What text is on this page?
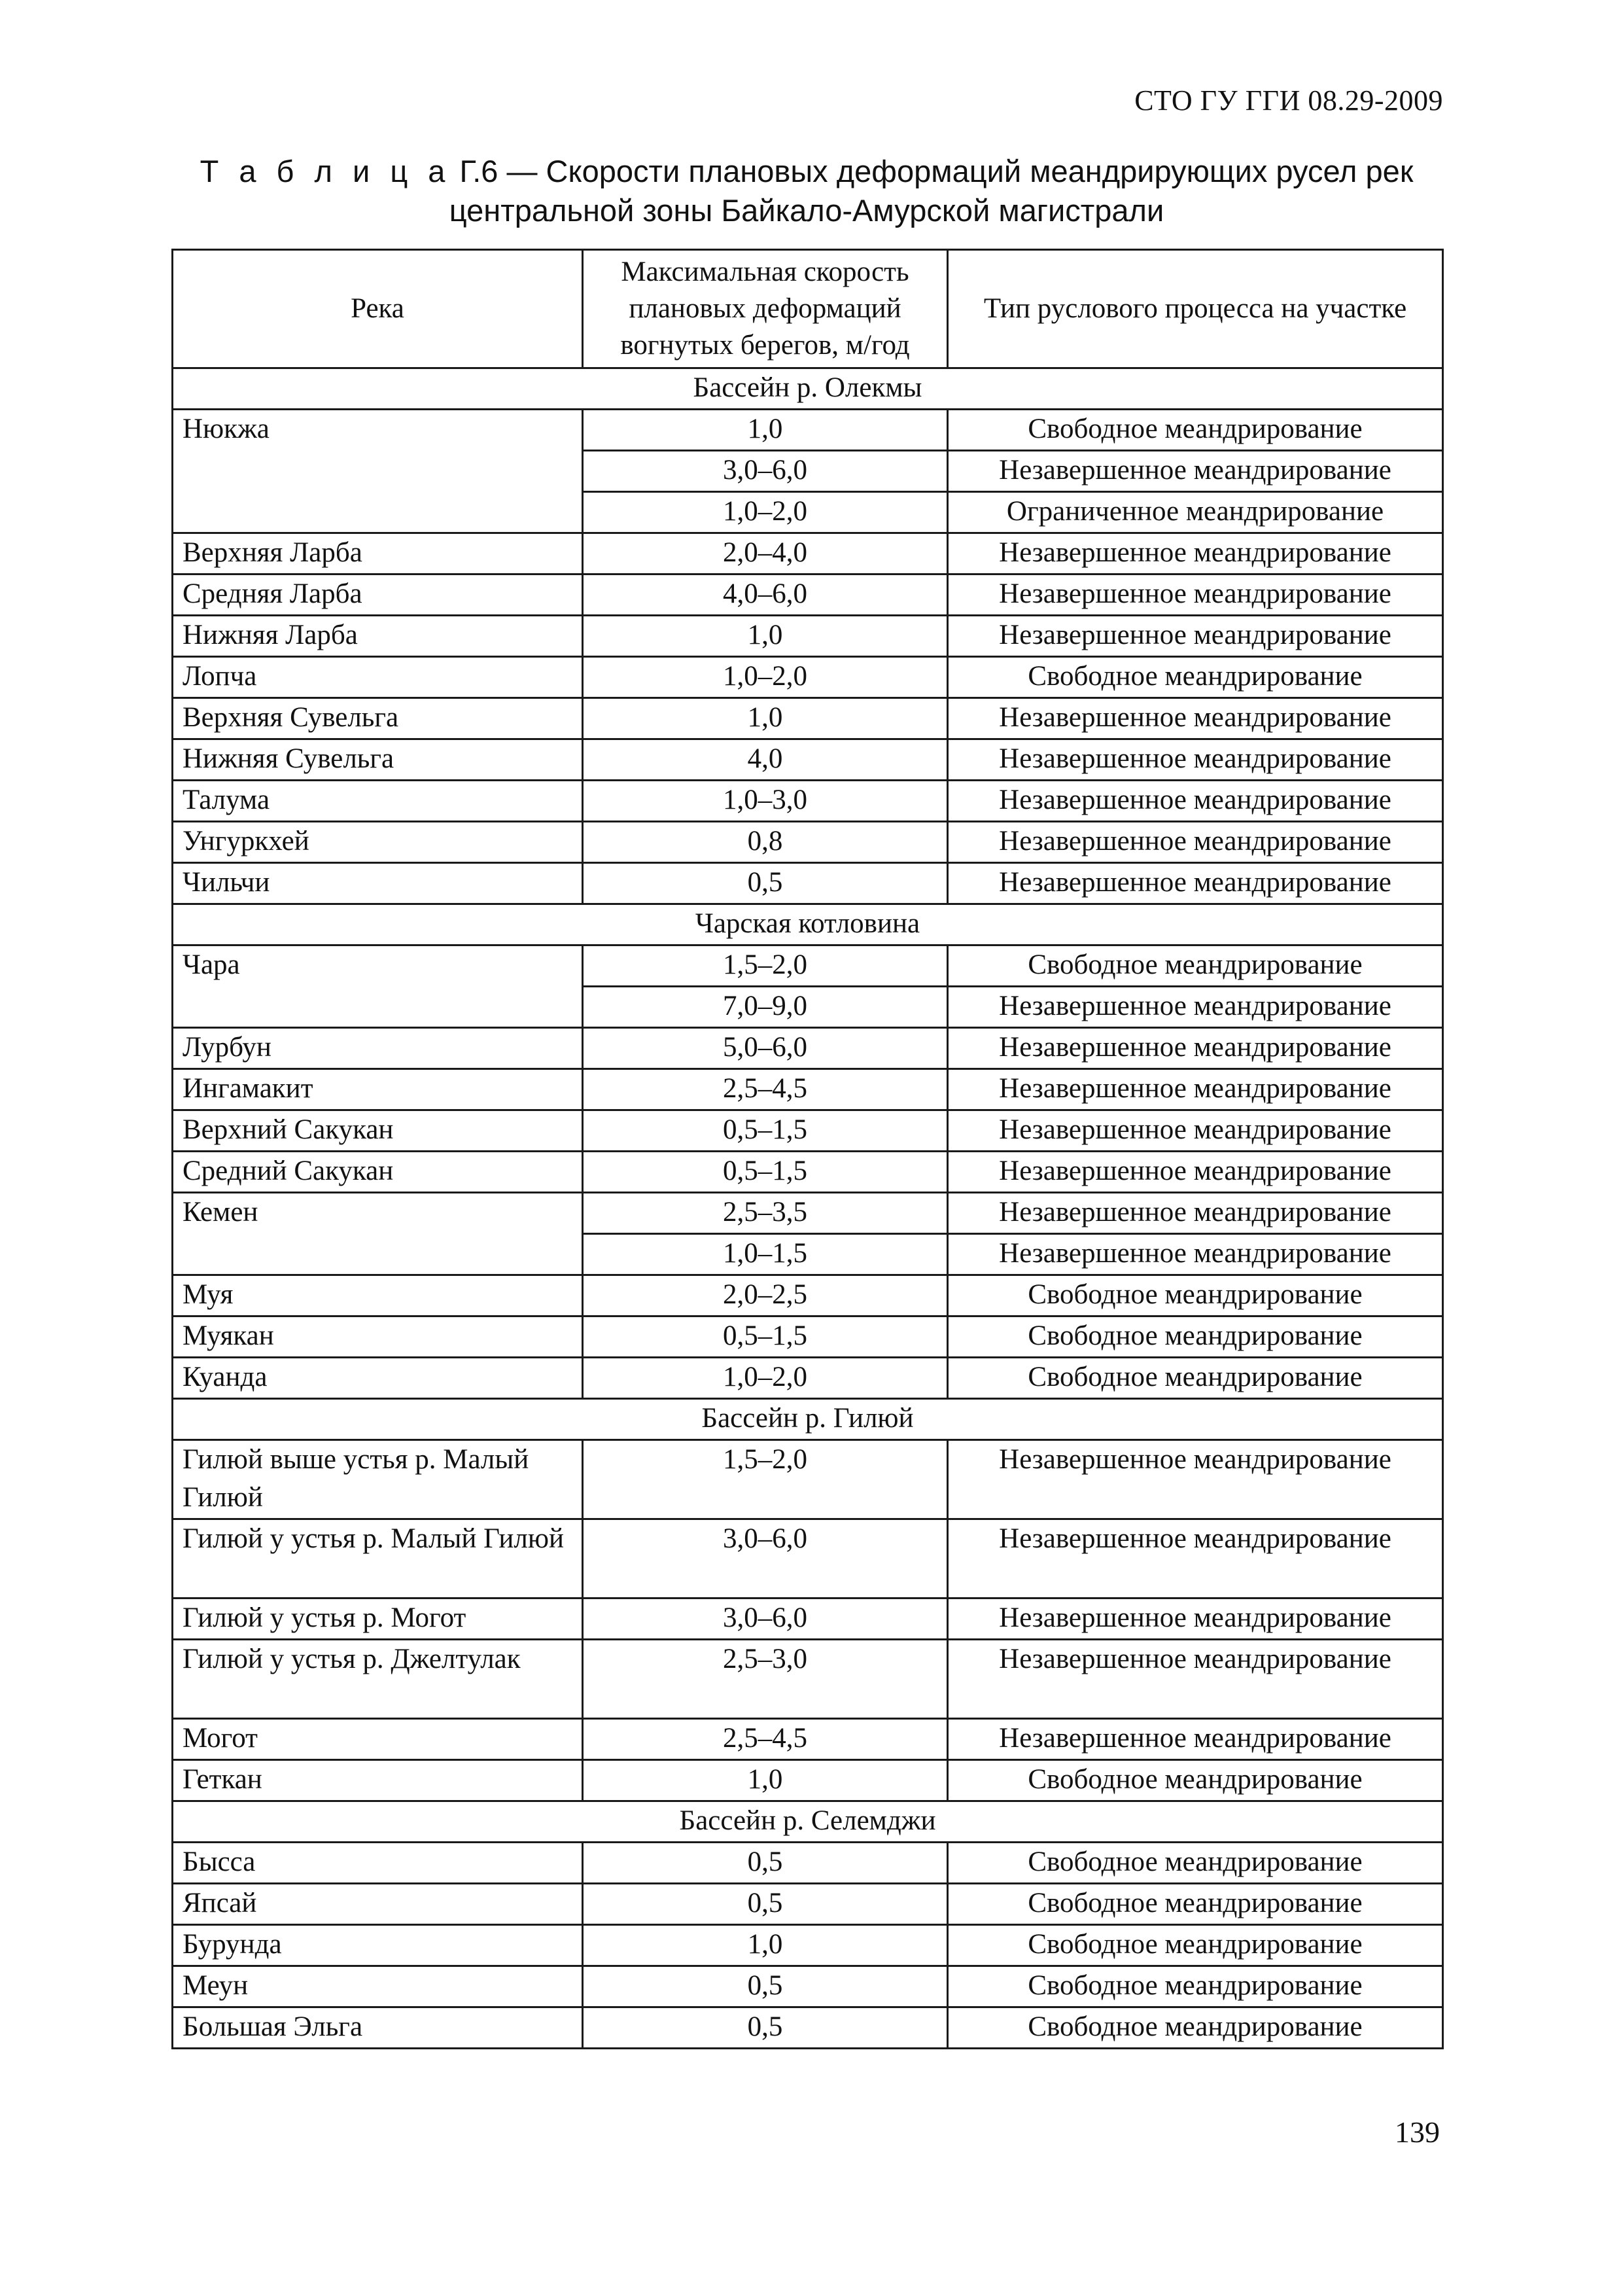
СТО ГУ ГГИ 08.29-2009
Т а б л и ц а Г.6 — Скорости плановых деформаций меандрирующих русел рек
центральной зоны Байкало-Амурской магистрали
Река	Максимальная скорость плановых деформаций вогнутых берегов, м/год	Тип руслового процесса на участке
Бассейн р. Олекмы		
Нюкжа	1,0	Свободное меандрирование
	3,0–6,0	Незавершенное меандрирование
	1,0–2,0	Ограниченное меандрирование
Верхняя Ларба	2,0–4,0	Незавершенное меандрирование
Средняя Ларба	4,0–6,0	Незавершенное меандрирование
Нижняя Ларба	1,0	Незавершенное меандрирование
Лопча	1,0–2,0	Свободное меандрирование
Верхняя Сувельга	1,0	Незавершенное меандрирование
Нижняя Сувельга	4,0	Незавершенное меандрирование
Талума	1,0–3,0	Незавершенное меандрирование
Унгуркхей	0,8	Незавершенное меандрирование
Чильчи	0,5	Незавершенное меандрирование
Чарская котловина		
Чара	1,5–2,0	Свободное меандрирование
	7,0–9,0	Незавершенное меандрирование
Лурбун	5,0–6,0	Незавершенное меандрирование
Ингамакит	2,5–4,5	Незавершенное меандрирование
Верхний Сакукан	0,5–1,5	Незавершенное меандрирование
Средний Сакукан	0,5–1,5	Незавершенное меандрирование
Кемен	2,5–3,5	Незавершенное меандрирование
	1,0–1,5	Незавершенное меандрирование
Муя	2,0–2,5	Свободное меандрирование
Муякан	0,5–1,5	Свободное меандрирование
Куанда	1,0–2,0	Свободное меандрирование
Бассейн р. Гилюй		
Гилюй выше устья р. Малый Гилюй	1,5–2,0	Незавершенное меандрирование
Гилюй у устья р. Малый Гилюй	3,0–6,0	Незавершенное меандрирование
Гилюй у устья р. Могот	3,0–6,0	Незавершенное меандрирование
Гилюй у устья р. Джелтулак	2,5–3,0	Незавершенное меандрирование
Могот	2,5–4,5	Незавершенное меандрирование
Геткан	1,0	Свободное меандрирование
Бассейн р. Селемджи		
Бысса	0,5	Свободное меандрирование
Япсай	0,5	Свободное меандрирование
Бурунда	1,0	Свободное меандрирование
Меун	0,5	Свободное меандрирование
Большая Эльга	0,5	Свободное меандрирование
139
